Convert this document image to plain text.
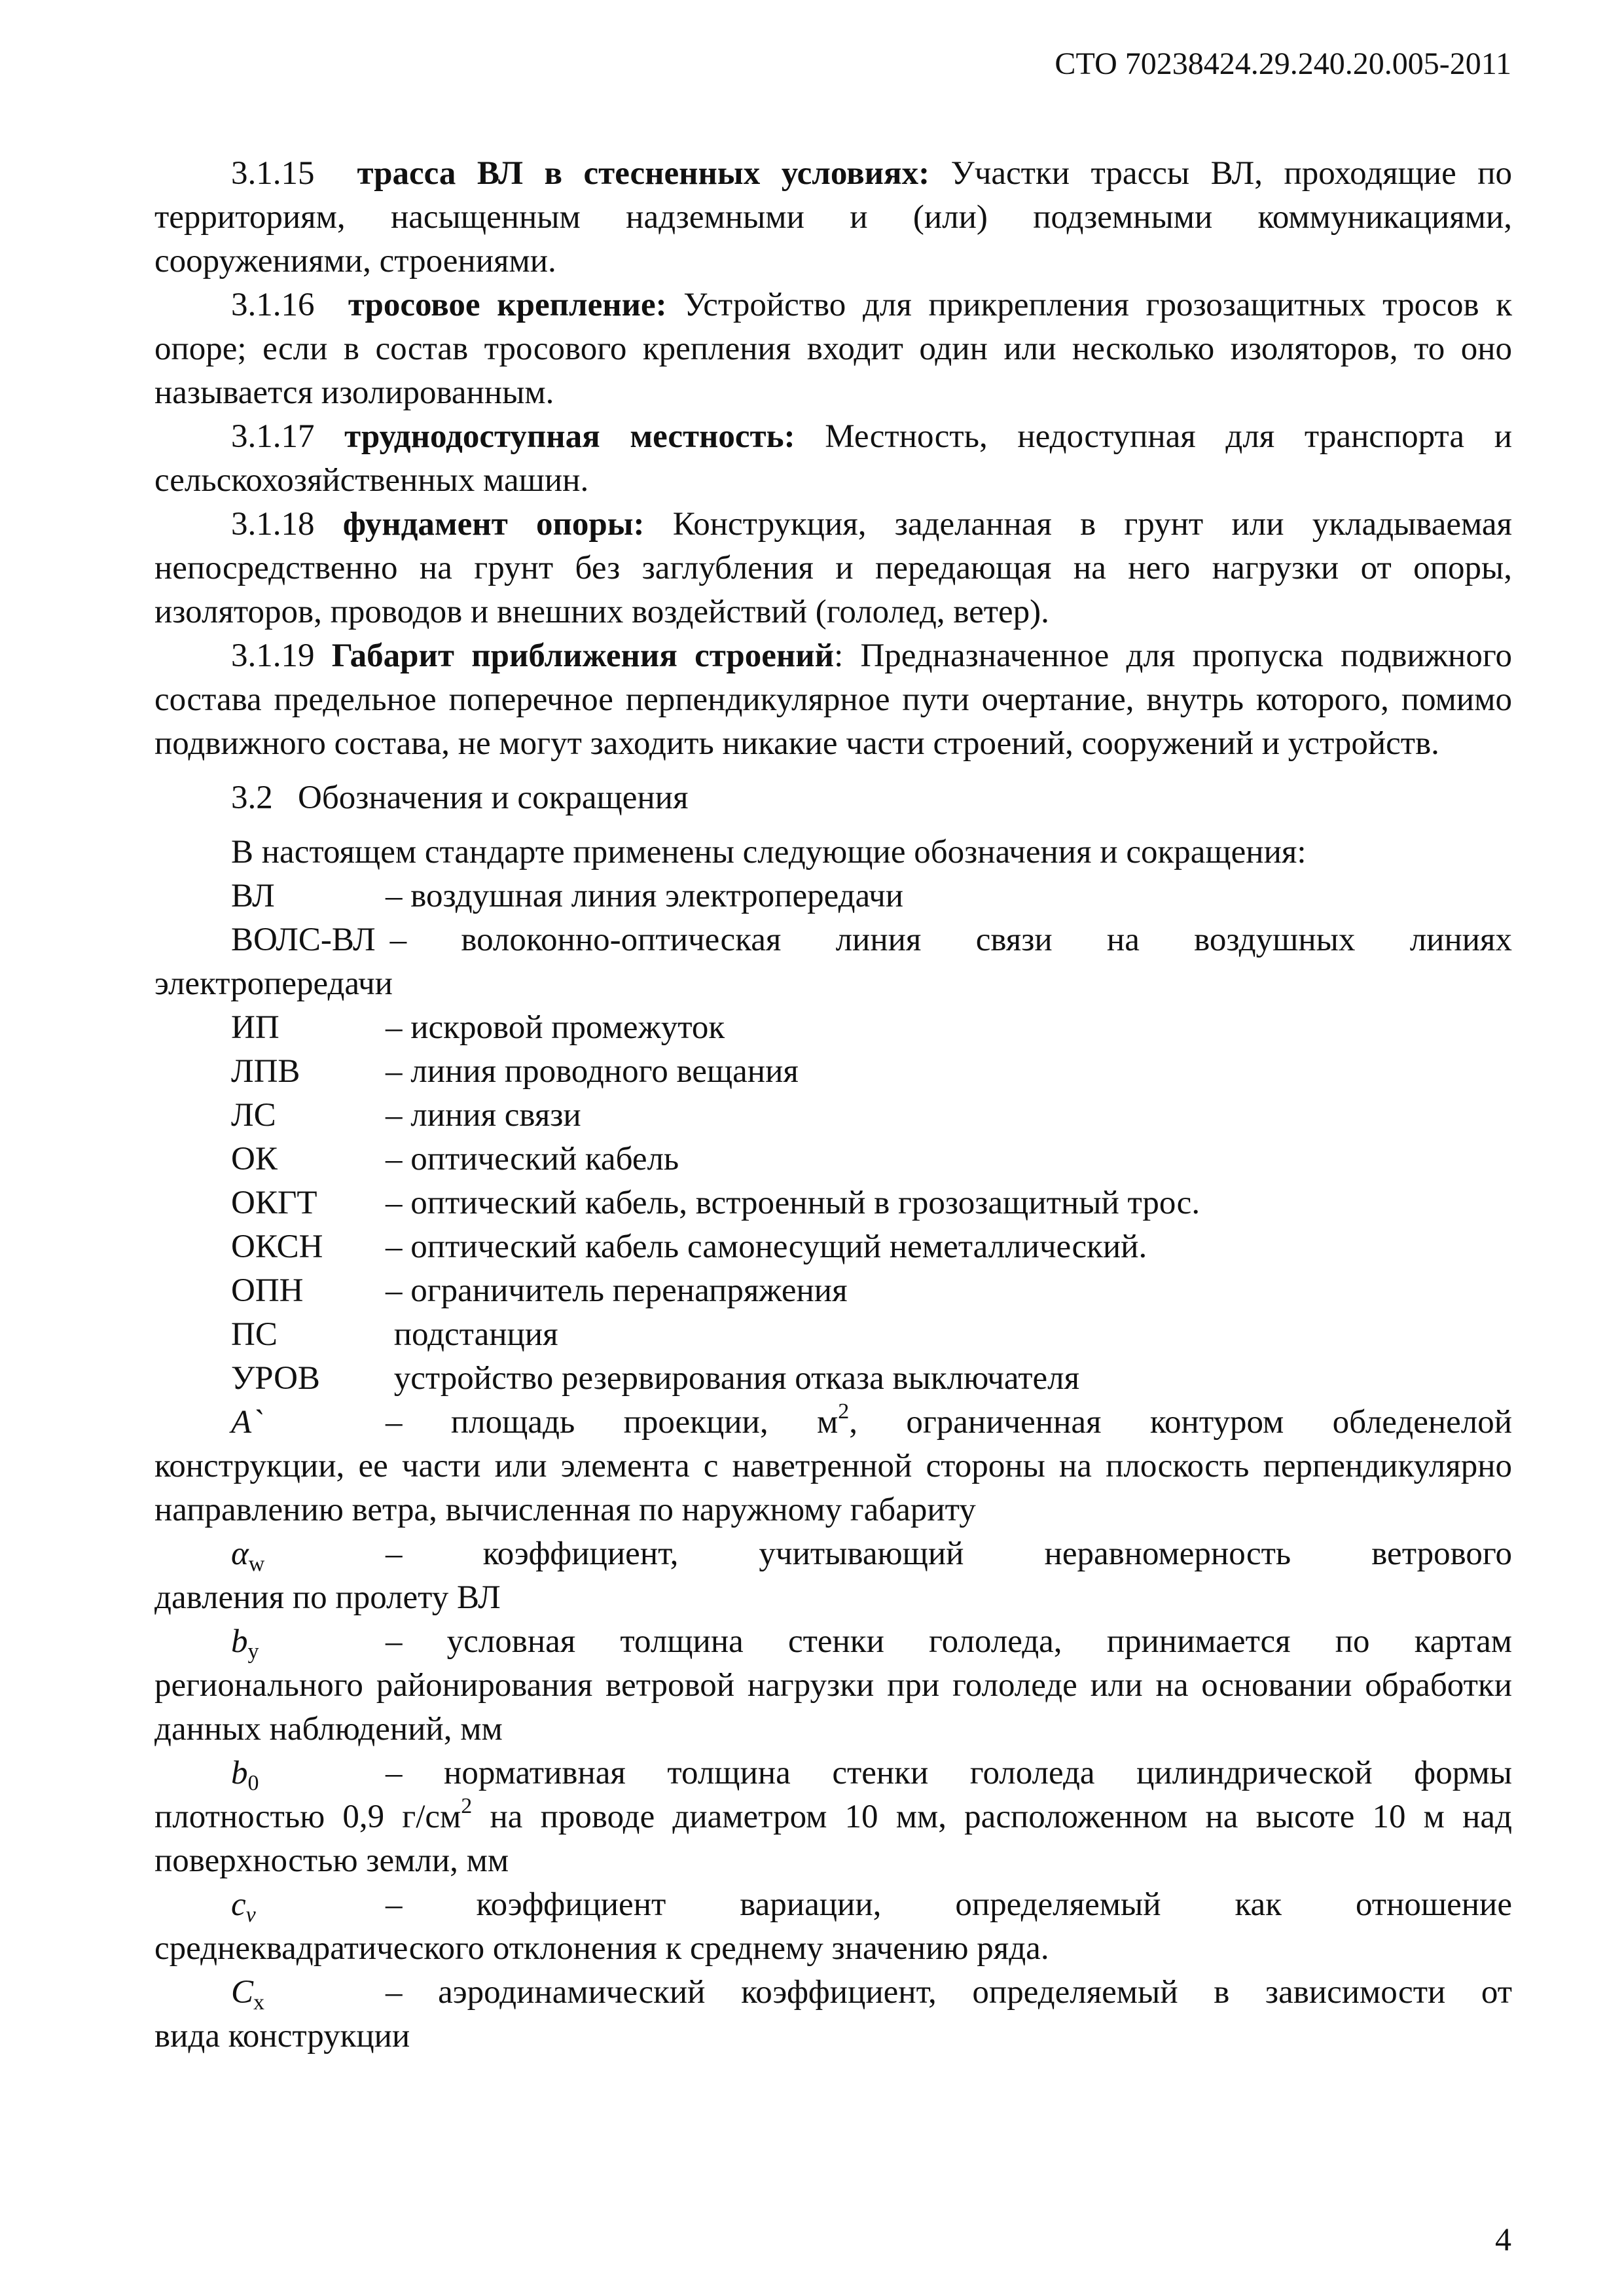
СТО 70238424.29.240.20.005-2011

3.1.15 трасса ВЛ в стесненных условиях: Участки трассы ВЛ, проходящие по территориям, насыщенным надземными и (или) подземными коммуникациями, сооружениями, строениями.

3.1.16 тросовое крепление: Устройство для прикрепления грозозащитных тросов к опоре; если в состав тросового крепления входит один или несколько изоляторов, то оно называется изолированным.

3.1.17 труднодоступная местность: Местность, недоступная для транспорта и сельскохозяйственных машин.

3.1.18 фундамент опоры: Конструкция, заделанная в грунт или укладываемая непосредственно на грунт без заглубления и передающая на него нагрузки от опоры, изоляторов, проводов и внешних воздействий (гололед, ветер).

3.1.19 Габарит приближения строений: Предназначенное для пропуска подвижного состава предельное поперечное перпендикулярное пути очертание, внутрь которого, помимо подвижного состава, не могут заходить никакие части строений, сооружений и устройств.

3.2 Обозначения и сокращения

В настоящем стандарте применены следующие обозначения и сокращения:

ВЛ	– воздушная линия электропередачи
ВОЛС-ВЛ – волоконно-оптическая линия связи на воздушных линиях
электропередачи
ИП	– искровой промежуток
ЛПВ	– линия проводного вещания
ЛС	– линия связи
ОК	– оптический кабель
ОКГТ	– оптический кабель, встроенный в грозозащитный трос.
ОКСН	– оптический кабель самонесущий неметаллический.
ОПН	– ограничитель перенапряжения
ПС	подстанция
УРОВ	устройство резервирования отказа выключателя
A`	– площадь проекции, $м^2$, ограниченная контуром обледенелой
конструкции, ее части или элемента с наветренной стороны на плоскость перпендикулярно направлению ветра, вычисленная по наружному габариту
$\alpha_w$	– коэффициент, учитывающий неравномерность ветрового
давления по пролету ВЛ
$b_у$	– условная толщина стенки гололеда, принимается по картам
регионального районирования ветровой нагрузки при гололеде или на основании обработки данных наблюдений, мм
$b_0$	– нормативная толщина стенки гололеда цилиндрической формы
плотностью 0,9 $г/см^2$ на проводе диаметром 10 мм, расположенном на высоте 10 м над поверхностью земли, мм
$c_v$	– коэффициент вариации, определяемый как отношение
среднеквадратического отклонения к среднему значению ряда.
$C_x$	– аэродинамический коэффициент, определяемый в зависимости от
вида конструкции
4
